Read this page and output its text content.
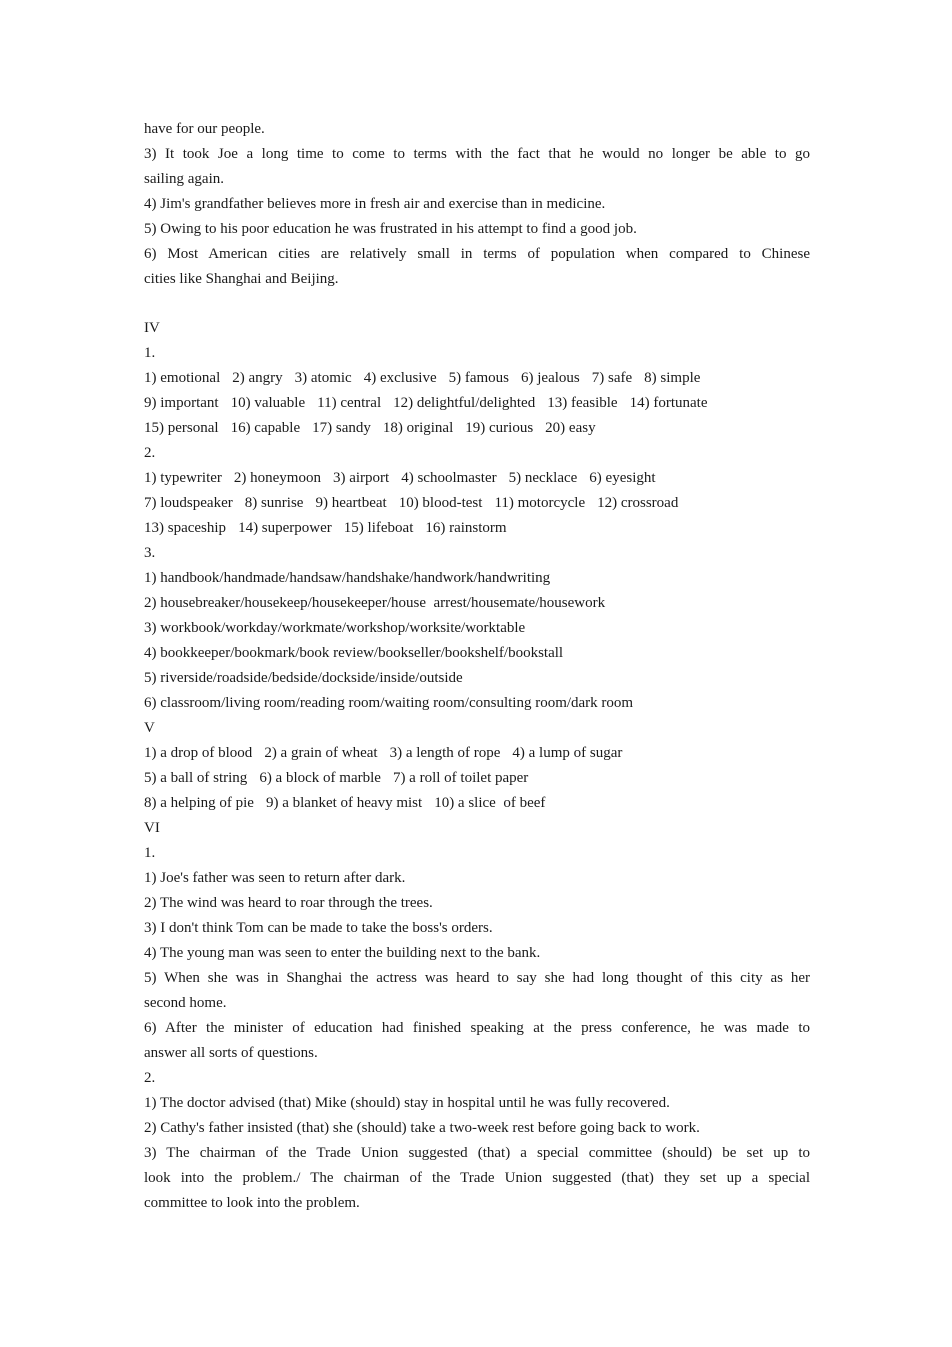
have for our people.
3) It took Joe a long time to come to terms with the fact that he would no longer be able to go
sailing again.
4) Jim's grandfather believes more in fresh air and exercise than in medicine.
5) Owing to his poor education he was frustrated in his attempt to find a good job.
6) Most American cities are relatively small in terms of population when compared to Chinese
cities like Shanghai and Beijing.
IV
1.
1) emotional 2) angry 3) atomic 4) exclusive 5) famous 6) jealous 7) safe 8) simple
9) important 10) valuable 11) central 12) delightful/delighted 13) feasible 14) fortunate
15) personal 16) capable 17) sandy 18) original 19) curious 20) easy
2.
1) typewriter 2) honeymoon 3) airport 4) schoolmaster 5) necklace 6) eyesight
7) loudspeaker 8) sunrise 9) heartbeat 10) blood-test 11) motorcycle 12) crossroad
13) spaceship 14) superpower 15) lifeboat 16) rainstorm
3.
1) handbook/handmade/handsaw/handshake/handwork/handwriting
2) housebreaker/housekeep/housekeeper/house  arrest/housemate/housework
3) workbook/workday/workmate/workshop/worksite/worktable
4) bookkeeper/bookmark/book review/bookseller/bookshelf/bookstall
5) riverside/roadside/bedside/dockside/inside/outside
6) classroom/living room/reading room/waiting room/consulting room/dark room
V
1) a drop of blood 2) a grain of wheat 3) a length of rope 4) a lump of sugar
5) a ball of string 6) a block of marble 7) a roll of toilet paper
8) a helping of pie 9) a blanket of heavy mist 10) a slice  of beef
VI
1.
1) Joe's father was seen to return after dark.
2) The wind was heard to roar through the trees.
3) I don't think Tom can be made to take the boss's orders.
4) The young man was seen to enter the building next to the bank.
5) When she was in Shanghai the actress was heard to say she had long thought of this city as her
second home.
6) After the minister of education had finished speaking at the press conference, he was made to
answer all sorts of questions.
2.
1) The doctor advised (that) Mike (should) stay in hospital until he was fully recovered.
2) Cathy's father insisted (that) she (should) take a two-week rest before going back to work.
3) The chairman of the Trade Union suggested (that) a special committee (should) be set up to
look into the problem./ The chairman of the Trade Union suggested (that) they set up a special
committee to look into the problem.
